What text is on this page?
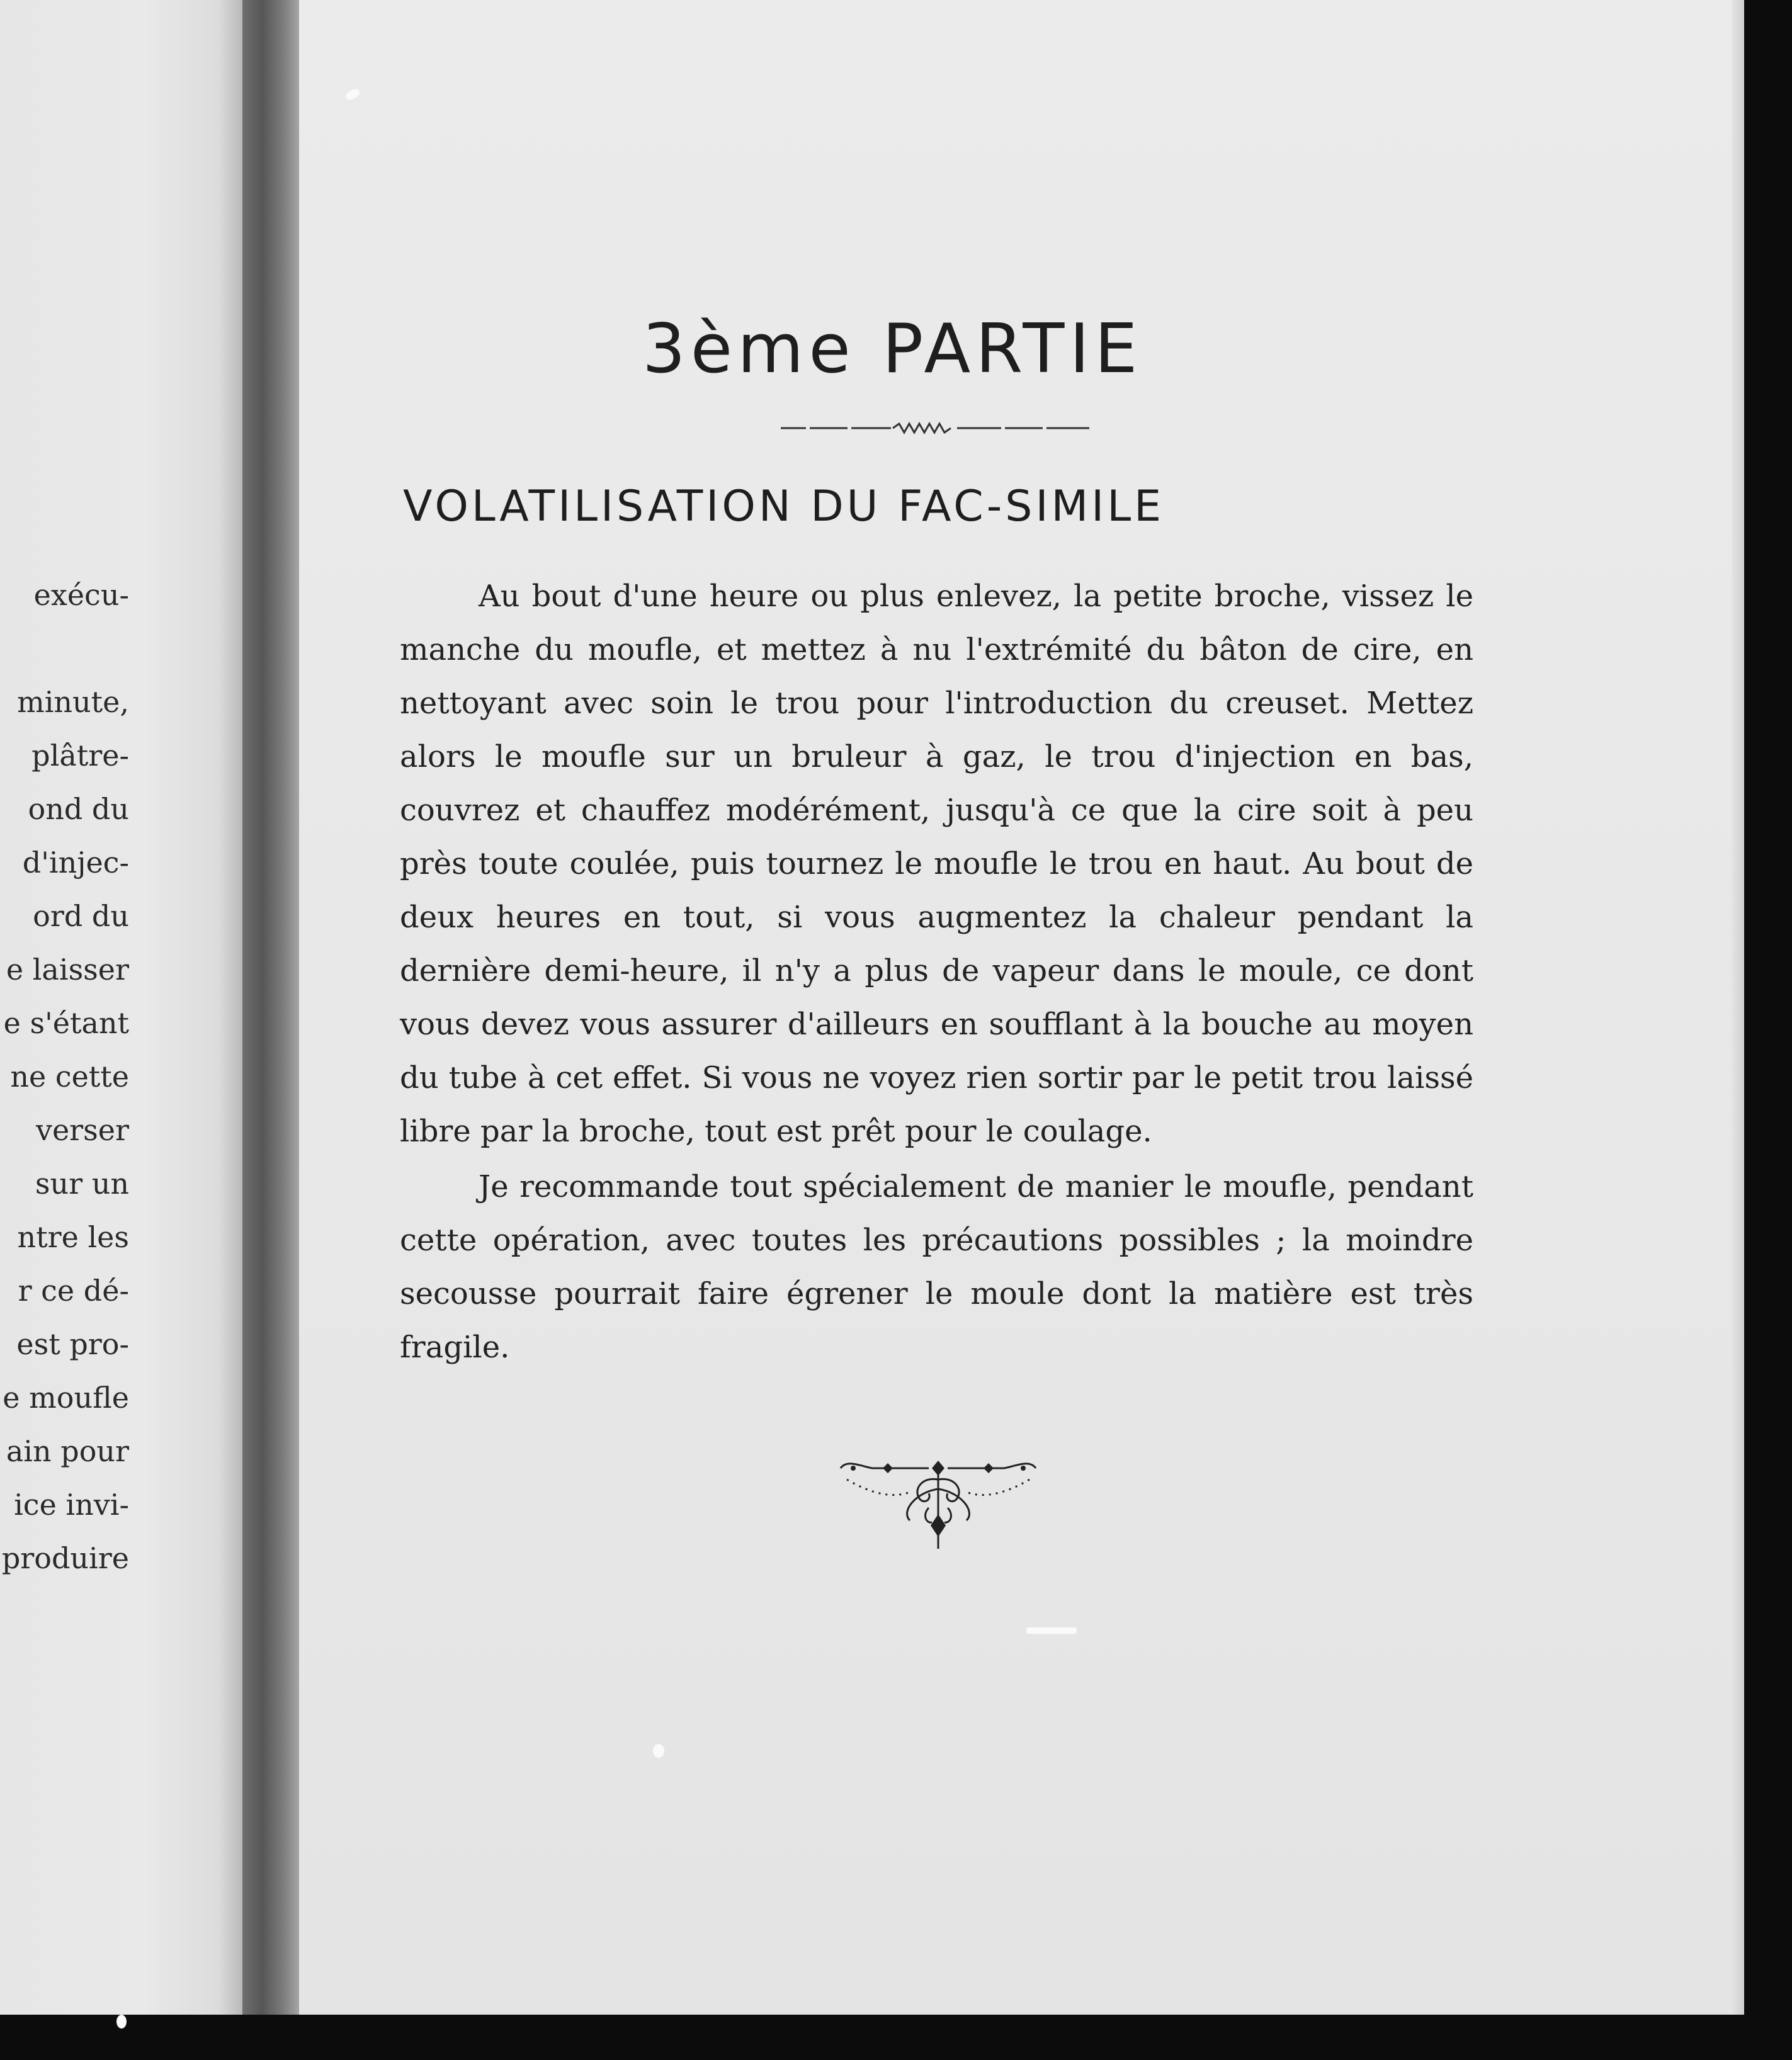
exécu-

minute,

plâtre-

ond du

d'injec-

or⁠d du

e laisser

e s'étant

ne cette

verser

sur un

ntre les

r ce dé-

est pro-

e moufle

ain pour

ice invi-

produire

3ème PARTIE
VOLATILISATION DU FAC-SIMILE

Au bout d'une heure ou plus enlevez, la petite broche, vissez le manche du moufle, et mettez à nu l'extrémité du bâton de cire, en nettoyant avec soin le trou pour l'introduction du creuset. Mettez alors le moufle sur un bruleur à gaz, le trou d'injection en bas, couvrez et chauffez modérément, jusqu'à ce que la cire soit à peu près toute coulée, puis tournez le moufle le trou en haut. Au bout de deux heures en tout, si vous augmentez la chaleur pendant la dernière demi-heure, il n'y a plus de vapeur dans le moule, ce dont vous devez vous assurer d'ailleurs en soufflant à la bouche au moyen du tube à cet effet. Si vous ne voyez rien sortir par le petit trou laissé libre par la broche, tout est prêt pour le coulage.

Je recommande tout spécialement de manier le moufle, pendant cette opération, avec toutes les précautions possibles ; la moindre secousse pourrait faire égrener le moule dont la matière est très fragile.
